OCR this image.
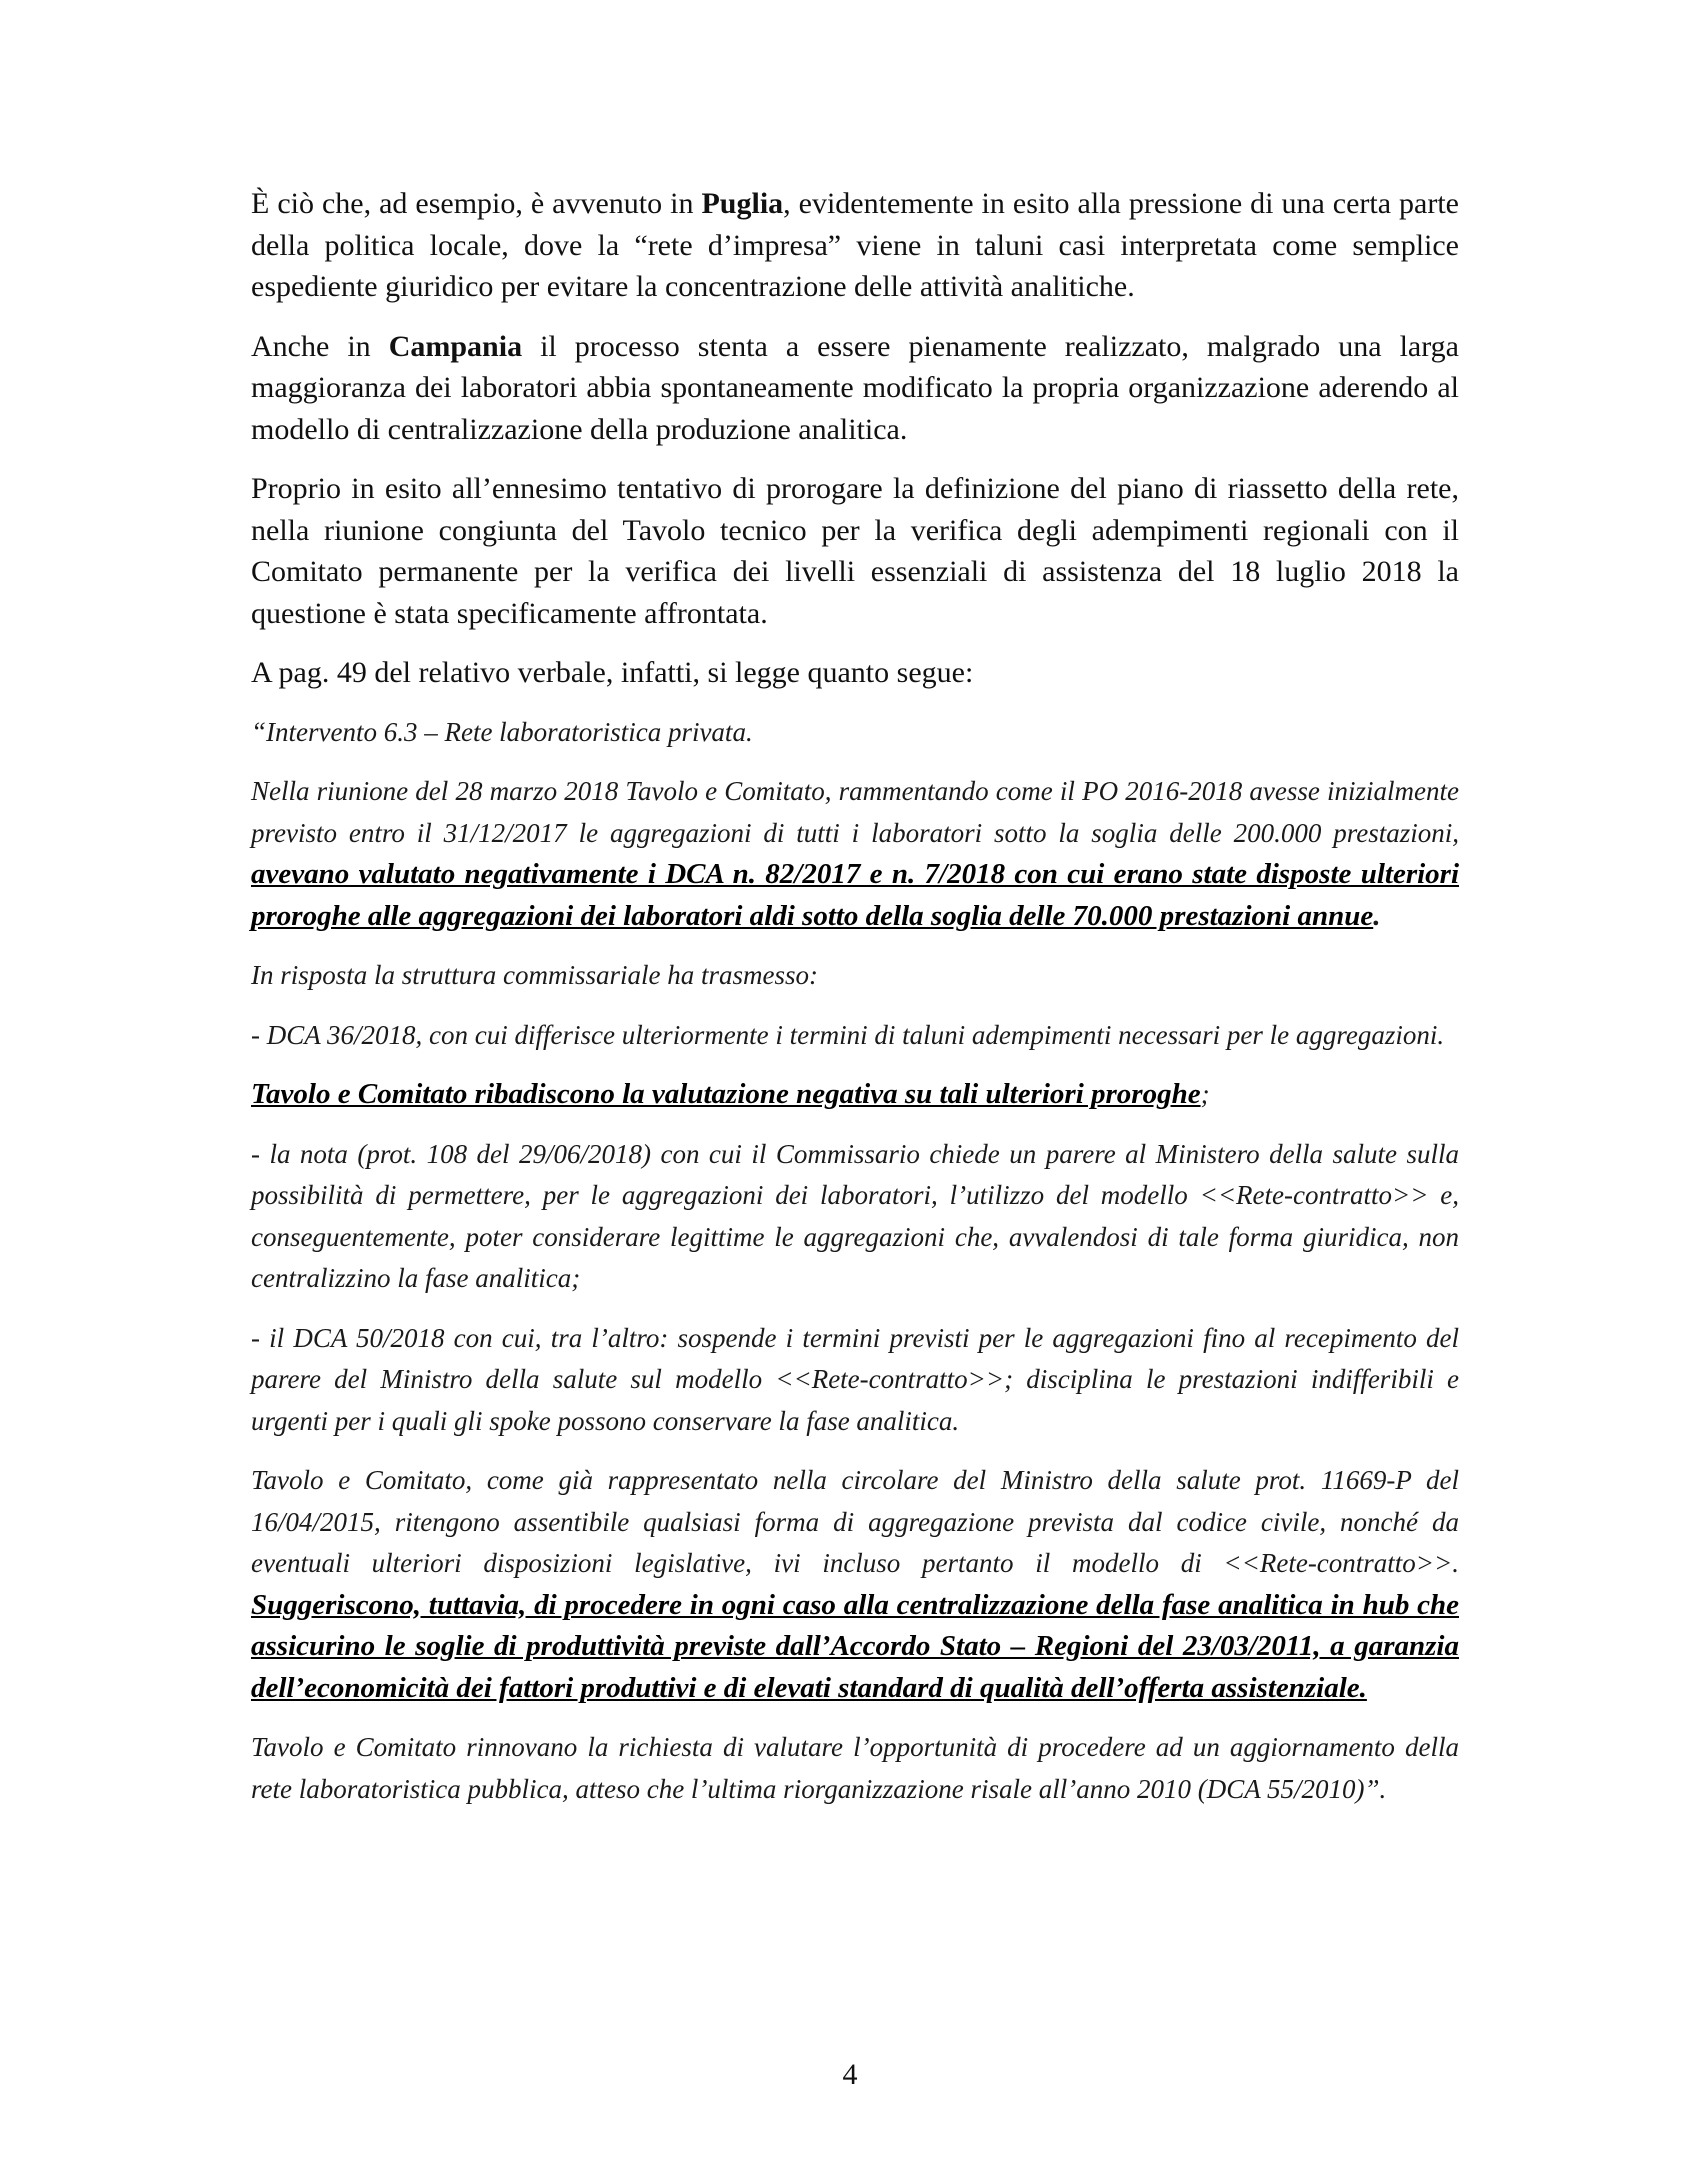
È ciò che, ad esempio, è avvenuto in Puglia, evidentemente in esito alla pressione di una certa parte della politica locale, dove la “rete d’impresa” viene in taluni casi interpretata come semplice espediente giuridico per evitare la concentrazione delle attività analitiche.

Anche in Campania il processo stenta a essere pienamente realizzato, malgrado una larga maggioranza dei laboratori abbia spontaneamente modificato la propria organizzazione aderendo al modello di centralizzazione della produzione analitica.

Proprio in esito all’ennesimo tentativo di prorogare la definizione del piano di riassetto della rete, nella riunione congiunta del Tavolo tecnico per la verifica degli adempimenti regionali con il Comitato permanente per la verifica dei livelli essenziali di assistenza del 18 luglio 2018 la questione è stata specificamente affrontata.

A pag. 49 del relativo verbale, infatti, si legge quanto segue:

“Intervento 6.3 – Rete laboratoristica privata.

Nella riunione del 28 marzo 2018 Tavolo e Comitato, rammentando come il PO 2016-2018 avesse inizialmente previsto entro il 31/12/2017 le aggregazioni di tutti i laboratori sotto la soglia delle 200.000 prestazioni, avevano valutato negativamente i DCA n. 82/2017 e n. 7/2018 con cui erano state disposte ulteriori proroghe alle aggregazioni dei laboratori aldi sotto della soglia delle 70.000 prestazioni annue.

In risposta la struttura commissariale ha trasmesso:

- DCA 36/2018, con cui differisce ulteriormente i termini di taluni adempimenti necessari per le aggregazioni.

Tavolo e Comitato ribadiscono la valutazione negativa su tali ulteriori proroghe;

- la nota (prot. 108 del 29/06/2018) con cui il Commissario chiede un parere al Ministero della salute sulla possibilità di permettere, per le aggregazioni dei laboratori, l’utilizzo del modello <<Rete-contratto>> e, conseguentemente, poter considerare legittime le aggregazioni che, avvalendosi di tale forma giuridica, non centralizzino la fase analitica;

- il DCA 50/2018 con cui, tra l’altro: sospende i termini previsti per le aggregazioni fino al recepimento del parere del Ministro della salute sul modello <<Rete-contratto>>; disciplina le prestazioni indifferibili e urgenti per i quali gli spoke possono conservare la fase analitica.

Tavolo e Comitato, come già rappresentato nella circolare del Ministro della salute prot. 11669-P del 16/04/2015, ritengono assentibile qualsiasi forma di aggregazione prevista dal codice civile, nonché da eventuali ulteriori disposizioni legislative, ivi incluso pertanto il modello di <<Rete-contratto>>. Suggeriscono, tuttavia, di procedere in ogni caso alla centralizzazione della fase analitica in hub che assicurino le soglie di produttività previste dall’Accordo Stato – Regioni del 23/03/2011, a garanzia dell’economicità dei fattori produttivi e di elevati standard di qualità dell’offerta assistenziale.

Tavolo e Comitato rinnovano la richiesta di valutare l’opportunità di procedere ad un aggiornamento della rete laboratoristica pubblica, atteso che l’ultima riorganizzazione risale all’anno 2010 (DCA 55/2010)”.

4
